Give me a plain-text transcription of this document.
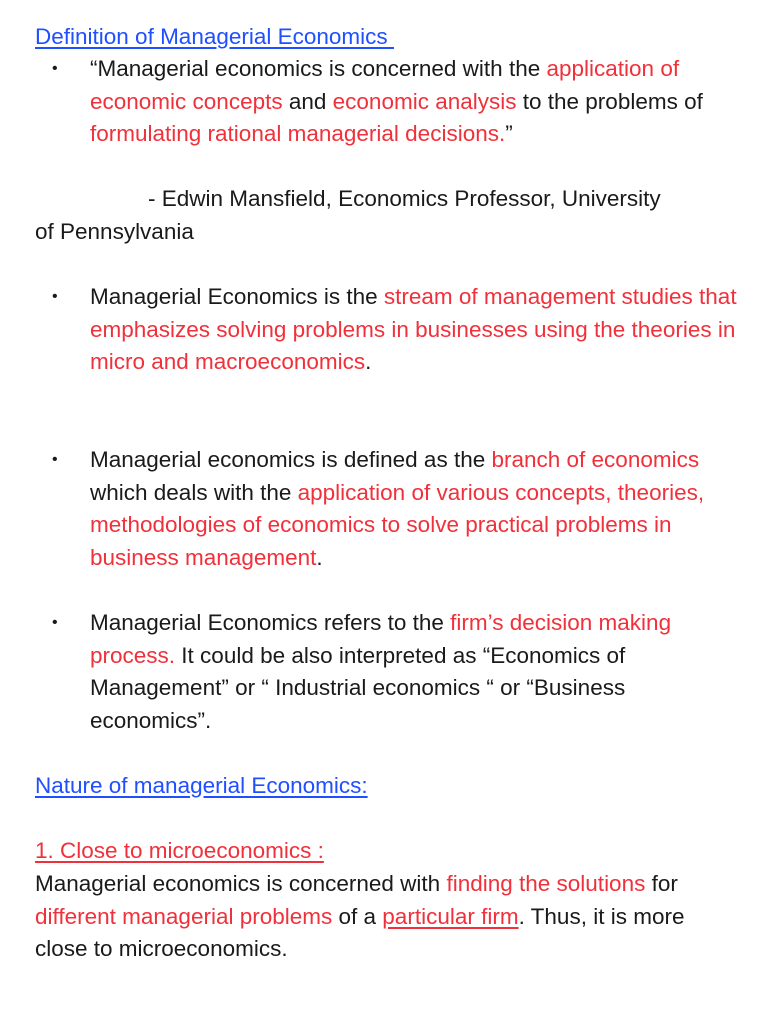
Definition of Managerial Economics

• “Managerial economics is concerned with the application of economic concepts and economic analysis to the problems of formulating rational managerial decisions.”

- Edwin Mansfield, Economics Professor, University
of Pennsylvania

• Managerial Economics is the stream of management studies that emphasizes solving problems in businesses using the theories in micro and macroeconomics.

• Managerial economics is defined as the branch of economics which deals with the application of various concepts, theories, methodologies of economics to solve practical problems in business management.

• Managerial Economics refers to the firm’s decision making process. It could be also interpreted as “Economics of Management” or “ Industrial economics “ or “Business economics”.

Nature of managerial Economics:
1. Close to microeconomics :

Managerial economics is concerned with finding the solutions for different managerial problems of a particular firm. Thus, it is more close to microeconomics.
